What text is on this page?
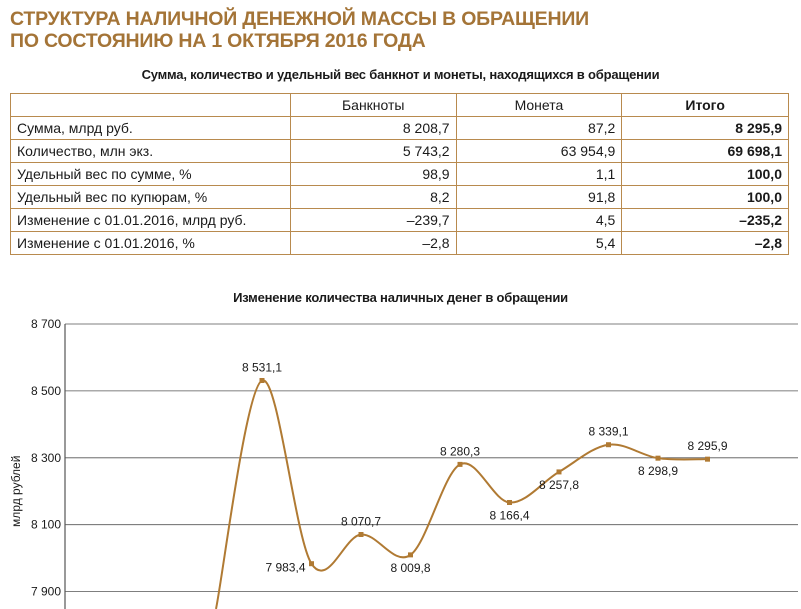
СТРУКТУРА НАЛИЧНОЙ ДЕНЕЖНОЙ МАССЫ В ОБРАЩЕНИИ
ПО СОСТОЯНИЮ НА 1 ОКТЯБРЯ 2016 ГОДА
Сумма, количество и удельный вес банкнот и монеты, находящихся в обращении
	Банкноты	Монета	Итого
Сумма, млрд руб.	8 208,7	87,2	8 295,9
Количество, млн экз.	5 743,2	63 954,9	69 698,1
Удельный вес по сумме, %	98,9	1,1	100,0
Удельный вес по купюрам, %	8,2	91,8	100,0
Изменение с 01.01.2016, млрд руб.	–239,7	4,5	–235,2
Изменение с 01.01.2016, %	–2,8	5,4	–2,8
Изменение количества наличных денег в обращении
7 900
8 100
8 300
8 500
8 700
8 531,1
7 983,4
8 070,7
8 009,8
8 280,3
8 166,4
8 257,8
8 339,1
8 298,9
8 295,9
млрд рублей
